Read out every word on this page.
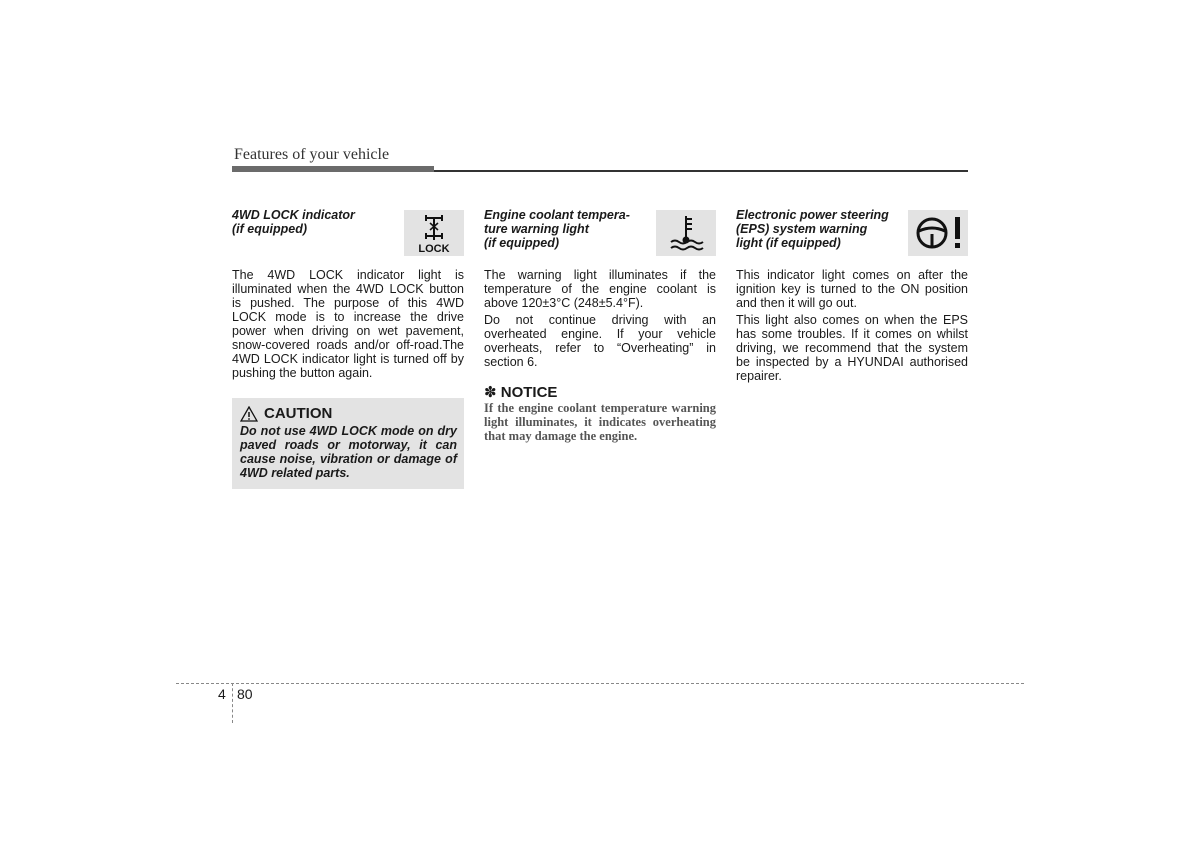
Features of your vehicle
4WD LOCK indicator
(if equipped)
LOCK

The 4WD LOCK indicator light is illuminated when the 4WD LOCK button is pushed. The purpose of this 4WD LOCK mode is to increase the drive power when driving on wet pavement, snow-covered roads and/or off-road.The 4WD LOCK indicator light is turned off by pushing the button again.

CAUTION
Do not use 4WD LOCK mode on dry paved roads or motorway, it can cause noise, vibration or damage of 4WD related parts.
Engine coolant tempera-
ture warning light
(if equipped)

The warning light illuminates if the temperature of the engine coolant is above 120±3°C (248±5.4°F).

Do not continue driving with an overheated engine. If your vehicle overheats, refer to “Overheating” in section 6.

✽ NOTICE
If the engine coolant temperature warning light illuminates, it indicates overheating that may damage the engine.
Electronic power steering
(EPS) system warning
light (if equipped)

This indicator light comes on after the ignition key is turned to the ON position and then it will go out.

This light also comes on when the EPS has some troubles. If it comes on whilst driving, we recommend that the system be inspected by a HYUNDAI authorised repairer.

4 80
